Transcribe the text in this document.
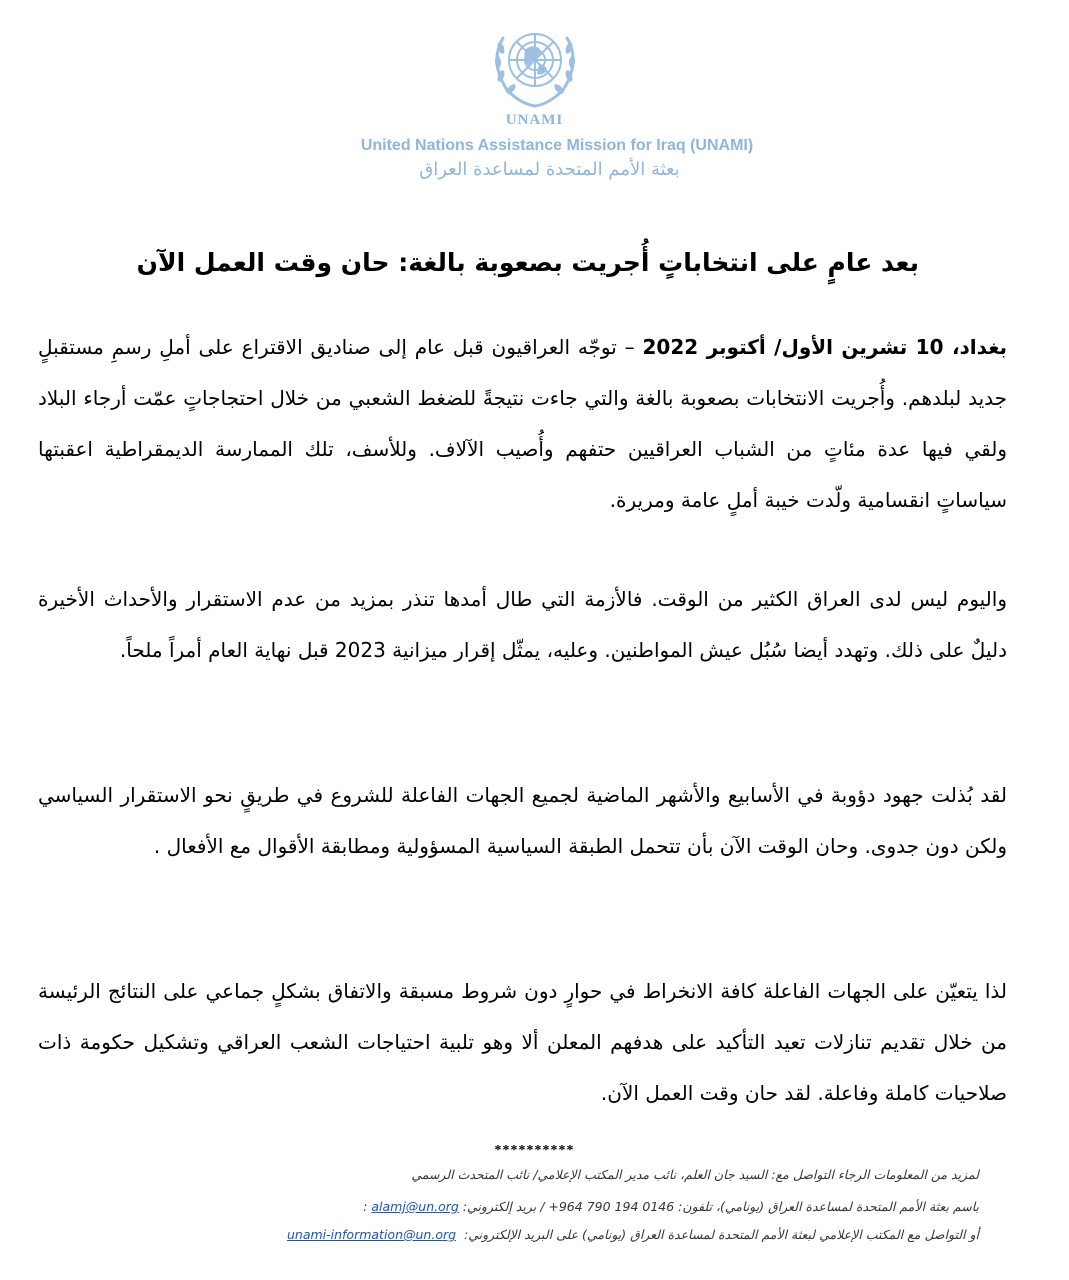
UNAMI
United Nations Assistance Mission for Iraq (UNAMI)
بعثة الأمم المتحدة لمساعدة العراق
بعد عامٍ على انتخاباتٍ أُجريت بصعوبة بالغة: حان وقت العمل الآن
بغداد، 10 تشرين الأول/ أكتوبر 2022 – توجّه العراقيون قبل عام إلى صناديق الاقتراع على أملِ رسمِ مستقبلٍ جديد لبلدهم. وأُجريت الانتخابات بصعوبة بالغة والتي جاءت نتيجةً للضغط الشعبي من خلال احتجاجاتٍ عمّت أرجاء البلاد ولقي فيها عدة مئاتٍ من الشباب العراقيين حتفهم وأُصيب الآلاف. وللأسف، تلك الممارسة الديمقراطية اعقبتها سياساتٍ انقسامية ولّدت خيبة أملٍ عامة ومريرة.
واليوم ليس لدى العراق الكثير من الوقت. فالأزمة التي طال أمدها تنذر بمزيد من عدم الاستقرار والأحداث الأخيرة دليلٌ على ذلك. وتهدد أيضا سُبُل عيش المواطنين. وعليه، يمثّل إقرار ميزانية 2023 قبل نهاية العام أمراً ملحاً.
لقد بُذلت جهود دؤوبة في الأسابيع والأشهر الماضية لجميع الجهات الفاعلة للشروع في طريقٍ نحو الاستقرار السياسي ولكن دون جدوى. وحان الوقت الآن بأن تتحمل الطبقة السياسية المسؤولية ومطابقة الأقوال مع الأفعال .
لذا يتعيّن على الجهات الفاعلة كافة الانخراط في حوارٍ دون شروط مسبقة والاتفاق بشكلٍ جماعي على النتائج الرئيسة من خلال تقديم تنازلات تعيد التأكيد على هدفهم المعلن ألا وهو تلبية احتياجات الشعب العراقي وتشكيل حكومة ذات صلاحيات كاملة وفاعلة. لقد حان وقت العمل الآن.
**********
لمزيد من المعلومات الرجاء التواصل مع: السيد جان العلم، نائب مدير المكتب الإعلامي/ نائب المتحدث الرسمي
باسم بعثة الأمم المتحدة لمساعدة العراق (يونامي)، تلفون: 0146 194 790 964+ / بريد إلكتروني: alamj@un.org :
أو التواصل مع المكتب الإعلامي لبعثة الأمم المتحدة لمساعدة العراق (يونامي) على البريد الإلكتروني:  unami-information@un.org
